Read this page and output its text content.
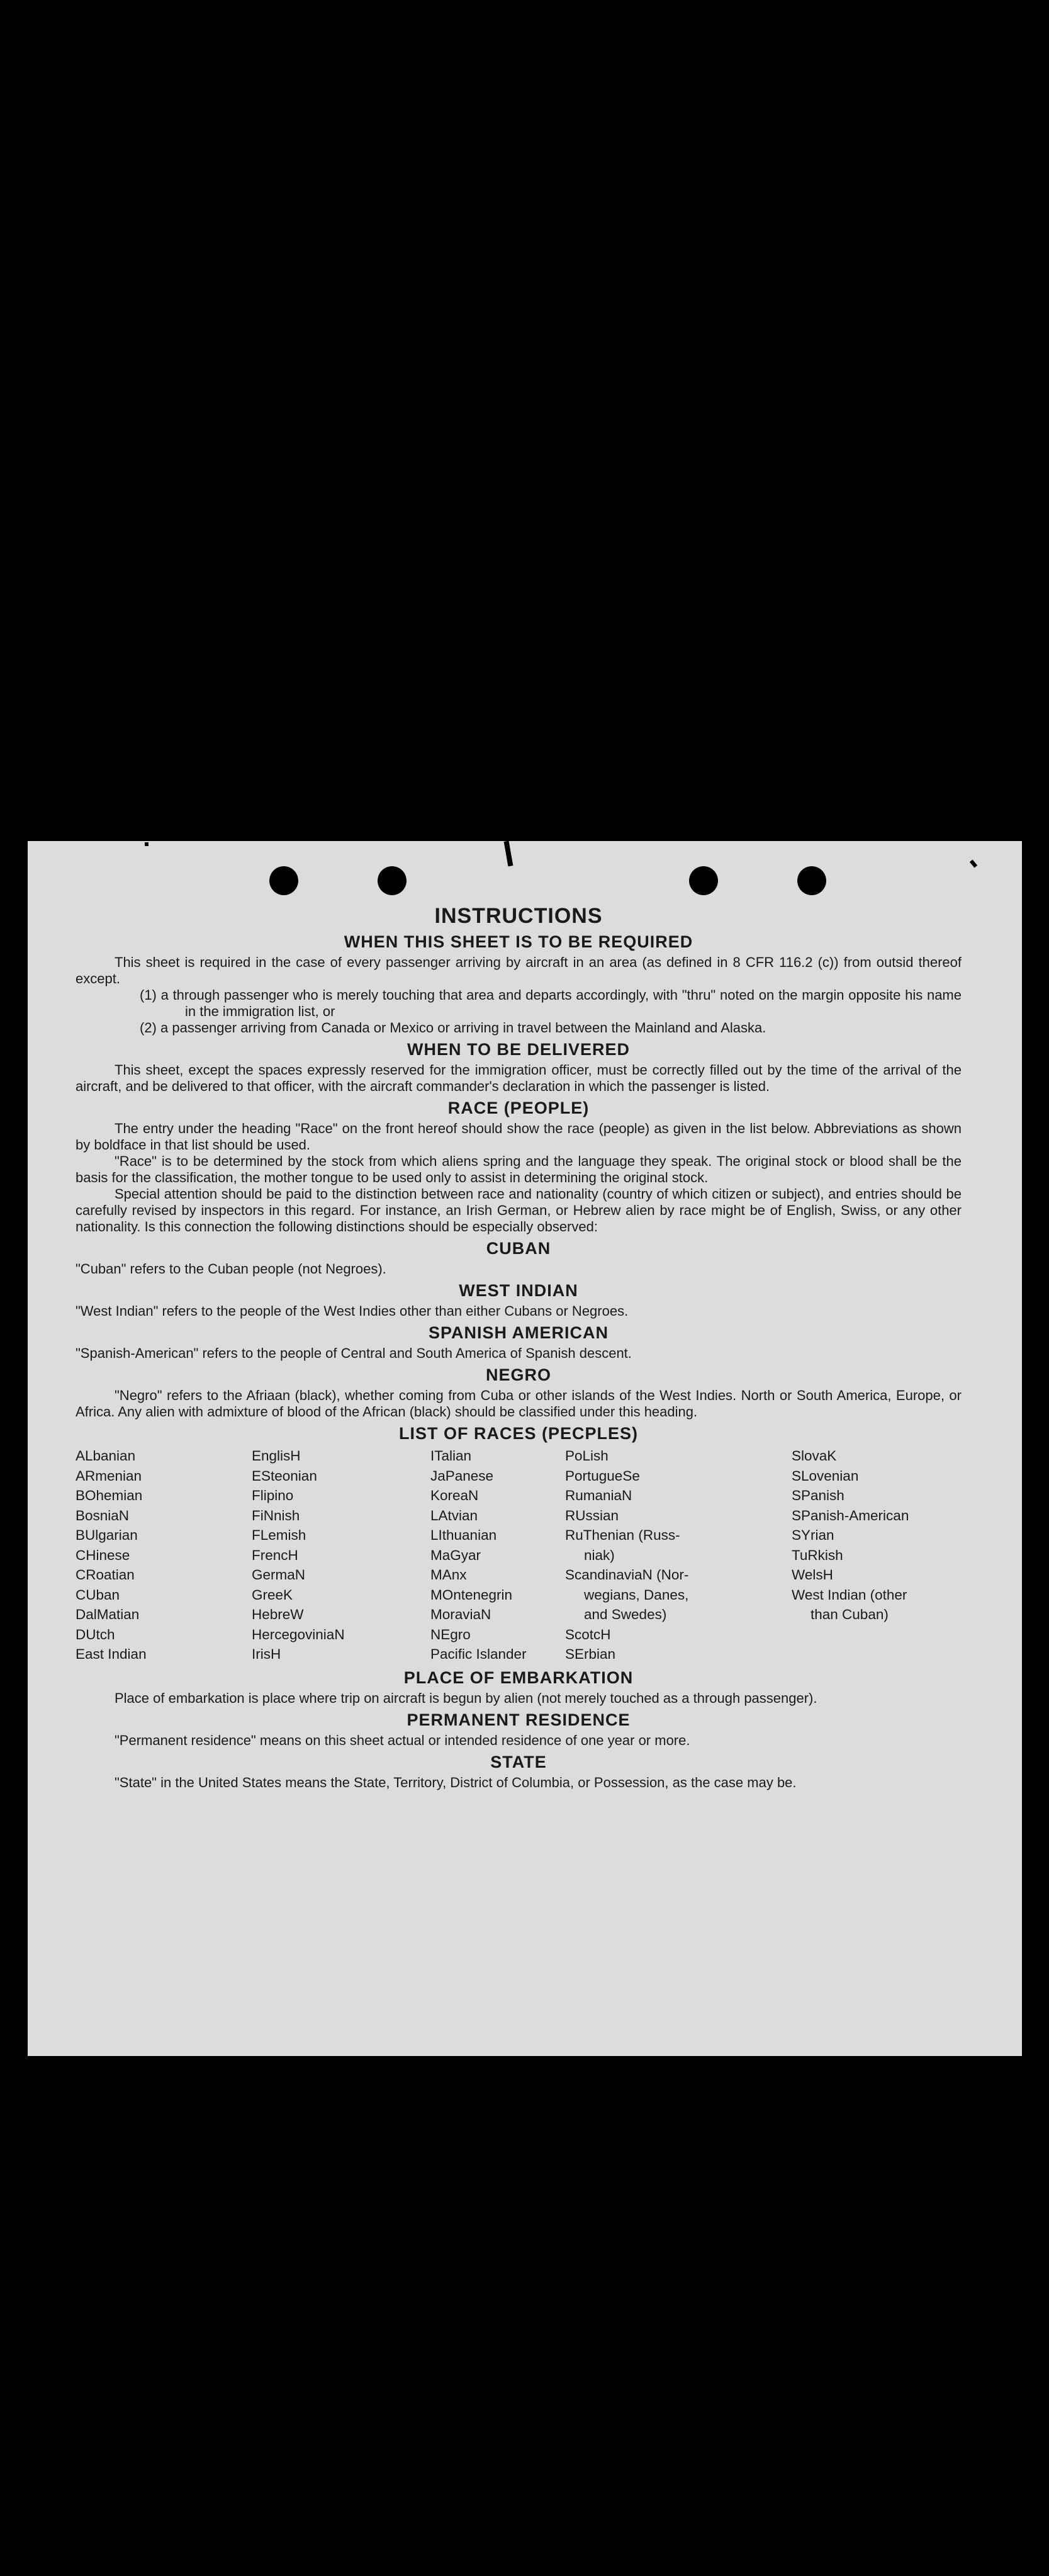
INSTRUCTIONS
WHEN THIS SHEET IS TO BE REQUIRED

This sheet is required in the case of every passenger arriving by aircraft in an area (as defined in 8 CFR 116.2 (c)) from outsid thereof except.

(1) a through passenger who is merely touching that area and departs accordingly, with "thru" noted on the margin opposite his name in the immigration list, or

(2) a passenger arriving from Canada or Mexico or arriving in travel between the Mainland and Alaska.

WHEN TO BE DELIVERED

This sheet, except the spaces expressly reserved for the immigration officer, must be correctly filled out by the time of the arrival of the aircraft, and be delivered to that officer, with the aircraft commander's declaration in which the passenger is listed.

RACE (PEOPLE)

The entry under the heading "Race" on the front hereof should show the race (people) as given in the list below. Abbreviations as shown by boldface in that list should be used.

"Race" is to be determined by the stock from which aliens spring and the language they speak. The original stock or blood shall be the basis for the classification, the mother tongue to be used only to assist in determining the original stock.

Special attention should be paid to the distinction between race and nationality (country of which citizen or subject), and entries should be carefully revised by inspectors in this regard. For instance, an Irish German, or Hebrew alien by race might be of English, Swiss, or any other nationality. Is this connection the following distinctions should be especially observed:

CUBAN

"Cuban" refers to the Cuban people (not Negroes).

WEST INDIAN

"West Indian" refers to the people of the West Indies other than either Cubans or Negroes.

SPANISH AMERICAN

"Spanish-American" refers to the people of Central and South America of Spanish descent.

NEGRO

"Negro" refers to the Afriaan (black), whether coming from Cuba or other islands of the West Indies. North or South America, Europe, or Africa. Any alien with admixture of blood of the African (black) should be classified under this heading.

LIST OF RACES (PECPLES)
ALbanian
ARmenian
BOhemian
BosniaN
BUlgarian
CHinese
CRoatian
CUban
DalMatian
DUtch
East Indian
EnglisH
ESteonian
Flipino
FiNnish
FLemish
FrencH
GermaN
GreeK
HebreW
HercegoviniaN
IrisH
ITalian
JaPanese
KoreaN
LAtvian
LIthuanian
MaGyar
MAnx
MOntenegrin
MoraviaN
NEgro
Pacific Islander
PoLish
PortugueSe
RumaniaN
RUssian
RuThenian (Russ-
niak)
ScandinaviaN (Nor-
wegians, Danes,
and Swedes)
ScotcH
SErbian
SlovaK
SLovenian
SPanish
SPanish-American
SYrian
TuRkish
WelsH
West Indian (other
than Cuban)
PLACE OF EMBARKATION

Place of embarkation is place where trip on aircraft is begun by alien (not merely touched as a through passenger).

PERMANENT RESIDENCE

"Permanent residence" means on this sheet actual or intended residence of one year or more.

STATE

"State" in the United States means the State, Territory, District of Columbia, or Possession, as the case may be.
